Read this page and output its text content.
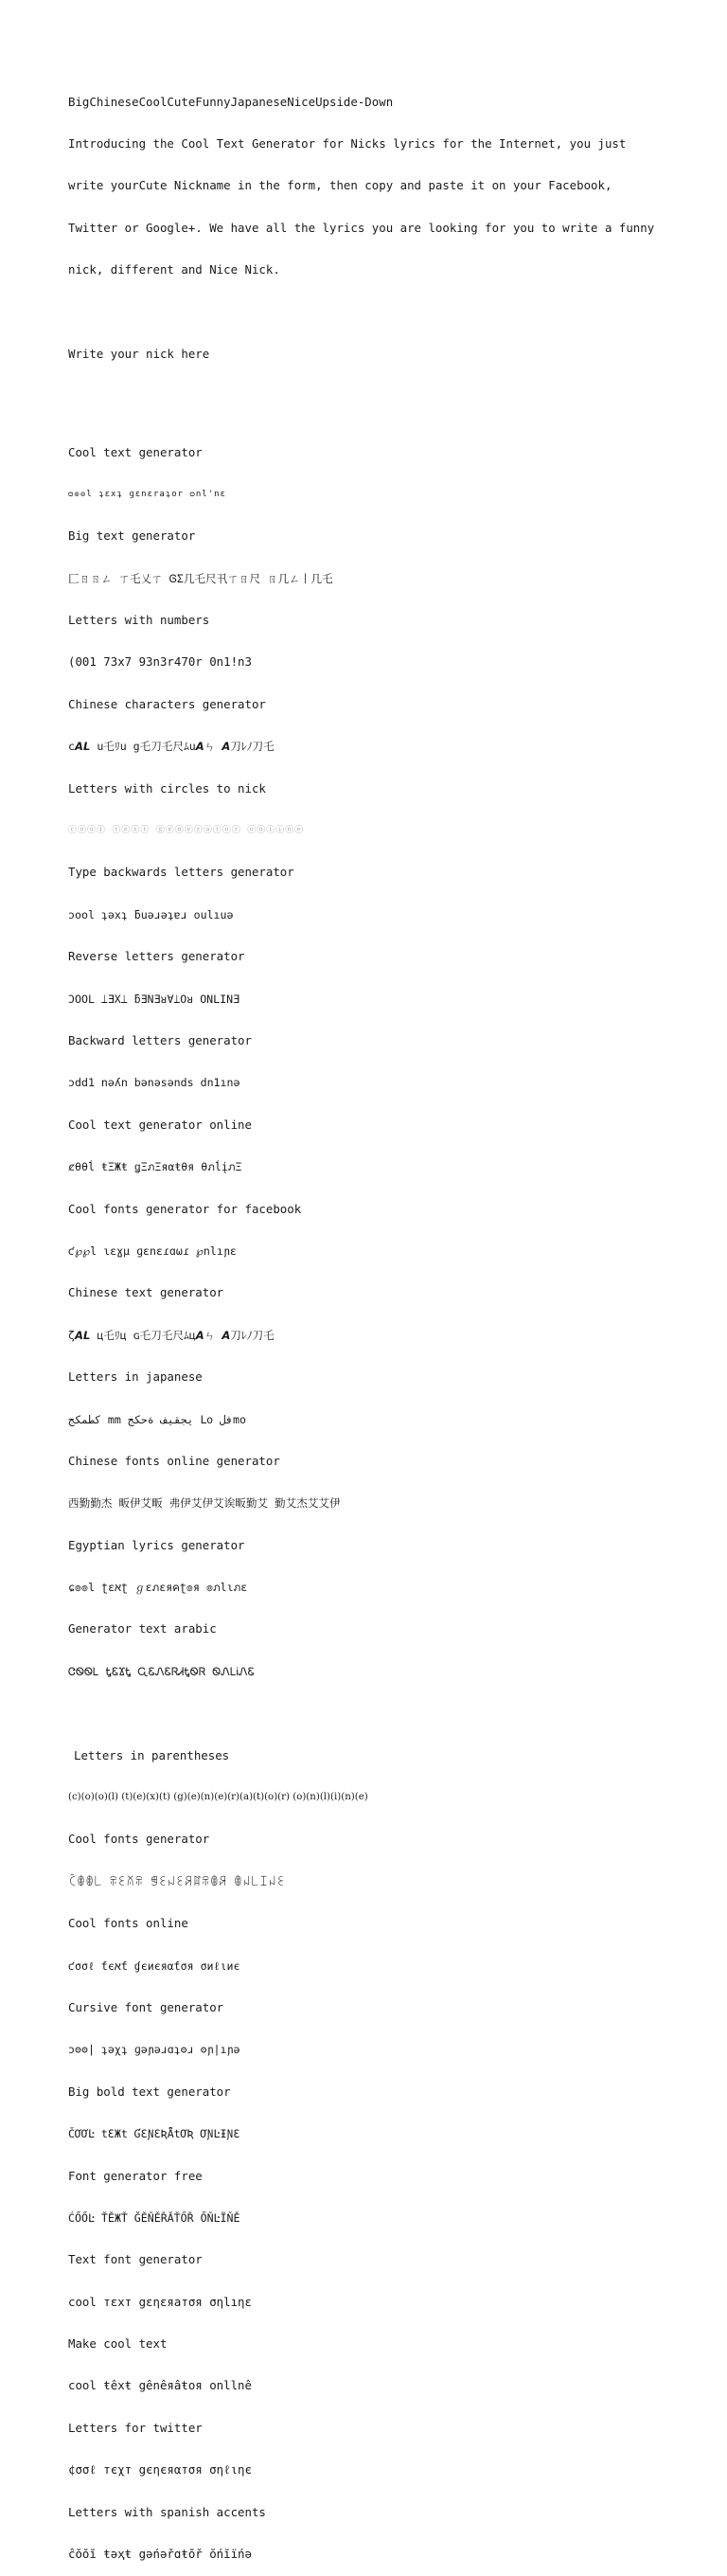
BigChineseCoolCuteFunnyJapaneseNiceUpside-Down

Introducing the Cool Text Generator for Nicks lyrics for the Internet, you just

write yourCute Nickname in the form, then copy and paste it on your Facebook,

Twitter or Google+. We have all the lyrics you are looking for you to write a funny

nick, different and Nice Nick.

Write your nick here

Cool text generator

ᴑ๏๏l ʇɛxʇ ɡɛnɛraʇᴏr ᴑnl'nɛ

Big text generator

匚ㄖㄖㄥ ㄒ乇乂ㄒ ᎶΣ几乇尺卂ㄒㄖ尺 ㄖ几ㄥ丨几乇

Letters with numbers

(001 73x7 93n3r470r 0n1!n3

Chinese characters generator

c𝘼𝙇 u乇ﾘu g乇刀乇尺ﾑu𝘼ㄣ 𝘼刀ﾚﾉ刀乇

Letters with circles to nick

ⓒⓞⓞⓛ ⓣⓔⓧⓣ ⓖⓔⓝⓔⓡⓐⓣⓞⓡ ⓞⓝⓛⓘⓝⓔ

Type backwards letters generator

ɔool ʇǝxʇ ƃuǝɹǝʇɐɹ oulıuǝ

Reverse letters generator

ƆOOL ⟘ƎX⟘ ƃƎNƎᴚ∀⟘Oᴚ ONLINƎ

Backward letters generator

ɔdd1 nǝʎn bǝnǝsǝnds dn1ınǝ

Cool text generator online

ȼθθĺ ŧΞЖŧ ǥΞภΞяαŧθя θภĺįภΞ

Cool fonts generator for facebook

ƈ℘℘l ɩɛɣμ ɡɛnɛɾɑωɾ ℘nlıɲɛ

Chinese text generator

ζ𝘼𝙇 ц乇ﾘц ɢ乇刀乇尺ﾑц𝘼ㄣ 𝘼刀ﾚﾉ刀乇

Letters in japanese

كطمكج mm يجقيف ةحكج ᒪo فلmo

Chinese fonts online generator

西勤勤杰 畈伊艾畈 弗伊艾伊艾诶畈勤艾 勤艾杰艾艾伊

Egyptian lyrics generator

ɕ๏๏l ʈɛאʈ ℊɛภɛяคʈ๏я ๏ภlɩภɛ

Generator text arabic

ᏣᏫᏫᏞ ᎿᏋϪᎿ ᏩᏋᏁᏋᏒᏗᎿᏫᏒ ᏫᏁᏞᎥᏁᏋ

Letters in parentheses

(c)(o)(o)(l) (t)(e)(x)(t) (g)(e)(n)(e)(r)(a)(t)(o)(r) (o)(n)(l)(i)(n)(e)

Cool fonts generator

ꉓꂦꂦ꒒ ꋖꏂꊼꋖ ꁅꏂꈤꏂꋪꍏꋖꂦꋪ ꂦꈤ꒒ꀤꈤꏂ

Cool fonts online

ƈσσℓ ƭєאƭ ɠєиєяαƭσя σиℓιиє

Cursive font generator

ɔʘʘ| ʇǝχʇ ɡǝɲǝɹɑʇʘɹ ʘɲ|ıɲǝ

Big bold text generator

ČƠƠĿ tƐЖt ƓƐƝƐƦǞtƠƦ ƠƝĿƗƝƐ

Font generator free

ĆŐŐĿ ŤĚЖŤ ĞĚŇĚŘĂŤŐŘ ŐŇĿĨŇĚ

Text font generator

cool тεxт gεηεяaтσя σηlıηε

Make cool text

cool ŧêxŧ gênêяâŧoя onllnê

Letters for twitter

¢σσℓ тєχт gєηєяαтσя σηℓιηє

Letters with spanish accents

ĉŏŏĭ ŧǝҳŧ gǝńǝřɑŧŏř ŏńĭïńǝ
